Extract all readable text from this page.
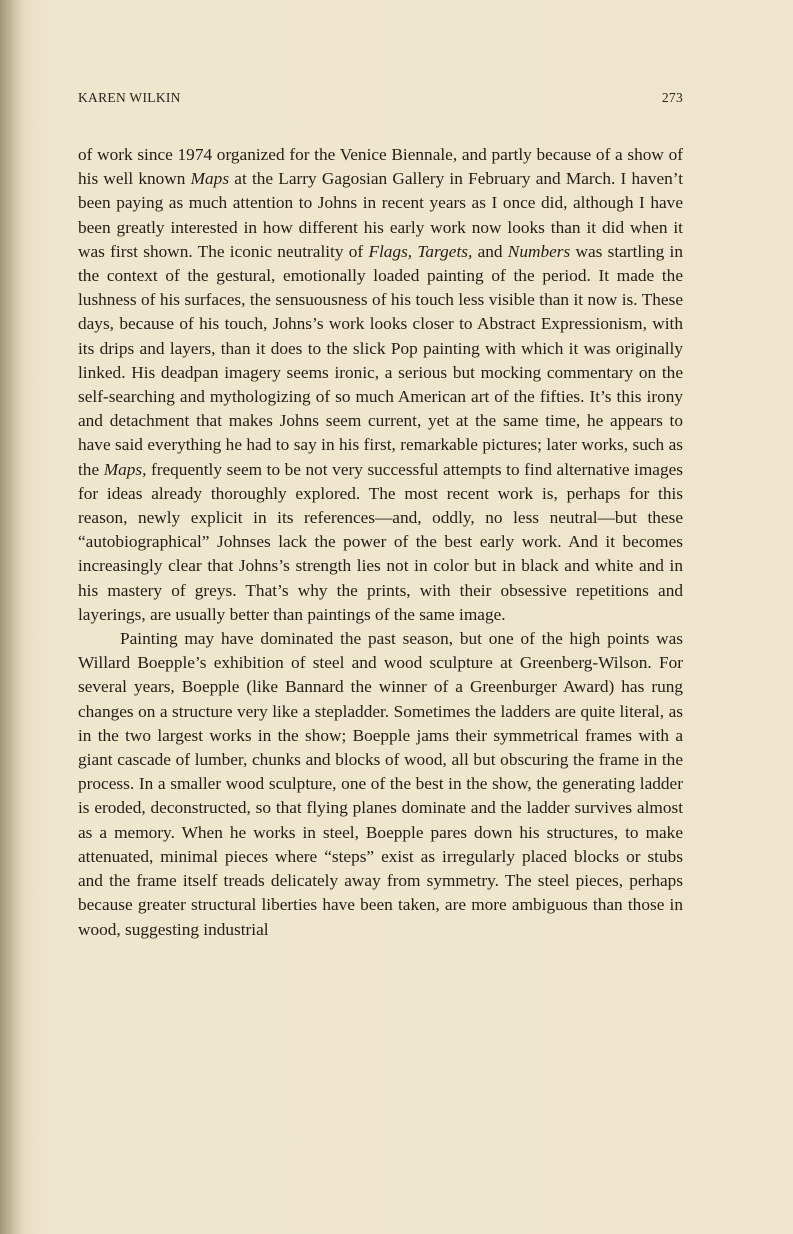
KAREN WILKIN	273

of work since 1974 organized for the Venice Biennale, and partly because of a show of his well known Maps at the Larry Gagosian Gallery in February and March. I haven’t been paying as much attention to Johns in recent years as I once did, although I have been greatly interested in how different his early work now looks than it did when it was first shown. The iconic neutrality of Flags, Targets, and Numbers was startling in the context of the gestural, emotionally loaded painting of the period. It made the lushness of his surfaces, the sensuousness of his touch less visible than it now is. These days, because of his touch, Johns’s work looks closer to Abstract Expressionism, with its drips and layers, than it does to the slick Pop painting with which it was originally linked. His deadpan imagery seems ironic, a serious but mocking commentary on the self-searching and mythologizing of so much American art of the fifties. It’s this irony and detachment that makes Johns seem current, yet at the same time, he appears to have said everything he had to say in his first, remarkable pictures; later works, such as the Maps, frequently seem to be not very successful attempts to find alternative images for ideas already thoroughly explored. The most recent work is, perhaps for this reason, newly explicit in its references—and, oddly, no less neutral—but these “autobiographical” Johnses lack the power of the best early work. And it becomes increasingly clear that Johns’s strength lies not in color but in black and white and in his mastery of greys. That’s why the prints, with their obsessive repetitions and layerings, are usually better than paintings of the same image.

Painting may have dominated the past season, but one of the high points was Willard Boepple’s exhibition of steel and wood sculpture at Greenberg-Wilson. For several years, Boepple (like Bannard the winner of a Greenburger Award) has rung changes on a structure very like a stepladder. Sometimes the ladders are quite literal, as in the two largest works in the show; Boepple jams their symmetrical frames with a giant cascade of lumber, chunks and blocks of wood, all but obscuring the frame in the process. In a smaller wood sculpture, one of the best in the show, the generating ladder is eroded, deconstructed, so that flying planes dominate and the ladder survives almost as a memory. When he works in steel, Boepple pares down his structures, to make attenuated, minimal pieces where “steps” exist as irregularly placed blocks or stubs and the frame itself treads delicately away from symmetry. The steel pieces, perhaps because greater structural liberties have been taken, are more ambiguous than those in wood, suggesting industrial
